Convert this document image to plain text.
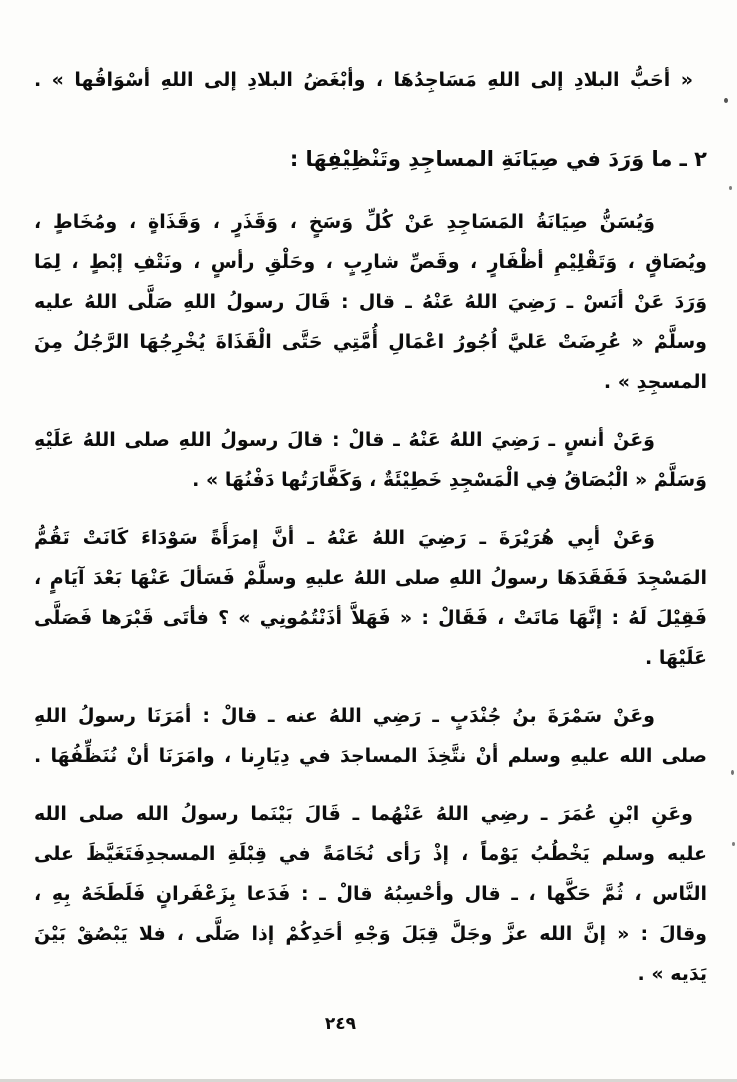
« أحَبُّ البلادِ إلى اللهِ مَسَاجِدُهَا ، وأبْغَضُ البلادِ إلى اللهِ أسْوَاقُها » .
٢ ـ ما وَرَدَ في صِيَانَةِ المساجِدِ وتَنْظِيْفِهَا :
وَيُسَنُّ صِيَانَةُ المَسَاجِدِ عَنْ كُلِّ وَسَخٍ ، وَقَذَرٍ ، وَقَذَاةٍ ، ومُخَاطٍ ،
ويُصَاقٍ ، وَتَقْلِيْمِ أظْفَارٍ ، وقَصِّ شارِبٍ ، وحَلْقِ رأسٍ ، ونَتْفِ إبْطٍ ، لِمَا
وَرَدَ عَنْ أنَسْ ـ رَضِيَ اللهُ عَنْهُ ـ قال : قَالَ رسولُ اللهِ صَلَّى اللهُ عليه
وسلَّمْ « عُرِضَتْ عَليَّ اُجُورُ اعْمَالِ أُمَّتِي حَتَّى الْقَذَاةَ يُخْرِجُهَا الرَّجُلُ مِنَ
المسجِدِ » .
وَعَنْ أنسٍ ـ رَضِيَ اللهُ عَنْهُ ـ قالْ : قالَ رسولُ اللهِ صلى اللهُ عَلَيْهِ
وَسَلَّمْ « الْبُصَاقُ فِي الْمَسْجِدِ خَطِيْئَةٌ ، وَكَفَّارَتُها دَفْنُهَا » .
وَعَنْ أبِي هُرَيْرَةَ ـ رَضِيَ اللهُ عَنْهُ ـ أنَّ إمرَأَةً سَوْدَاءَ كَانَتْ تَقُمُّ
المَسْجِدَ فَفَقَدَهَا رسولُ اللهِ صلى اللهُ عليهِ وسلَّمْ فَسَألَ عَنْهَا بَعْدَ آيَامٍ ،
فَقِيْلَ لَهُ : إنَّهَا مَاتَتْ ، فَقَالْ : « فَهَلاَّ أذَنْتُمُونِي » ؟ فأتَى قَبْرَها فَصَلَّى
عَلَيْهَا .
وعَنْ سَمْرَةَ بنُ جُنْدَبٍ ـ رَضِي اللهُ عنه ـ قالْ : أمَرَنَا رسولُ اللهِ
صلى الله عليهِ وسلم أنْ نتَّخِذَ المساجدَ في دِيَارِنا ، وامَرَنَا أنْ نُنَظِّفُهَا .
وعَنِ ابْنِ عُمَرَ ـ رضِي اللهُ عَنْهُما ـ قَالَ بَيْنَما رسولُ الله صلى الله
عليه وسلم يَخْطُبُ يَوْماً ، إذْ رَأى نُخَامَةً في قِبْلَةِ المسجدِفَتَغَيَّظَ على
النَّاس ، ثُمَّ حَكَّها ، ـ قال وأحْسِبُهُ قالْ ـ : فَدَعا بِزَعْفَرانٍ فَلَطَخَهُ بِهِ ،
وقالَ : « إنَّ الله عزَّ وجَلَّ قِبَلَ وَجْهِ أحَدِكُمْ إذا صَلَّى ، فلا يَبْصُقْ بَيْنَ
يَدَيه » .
٢٤٩
